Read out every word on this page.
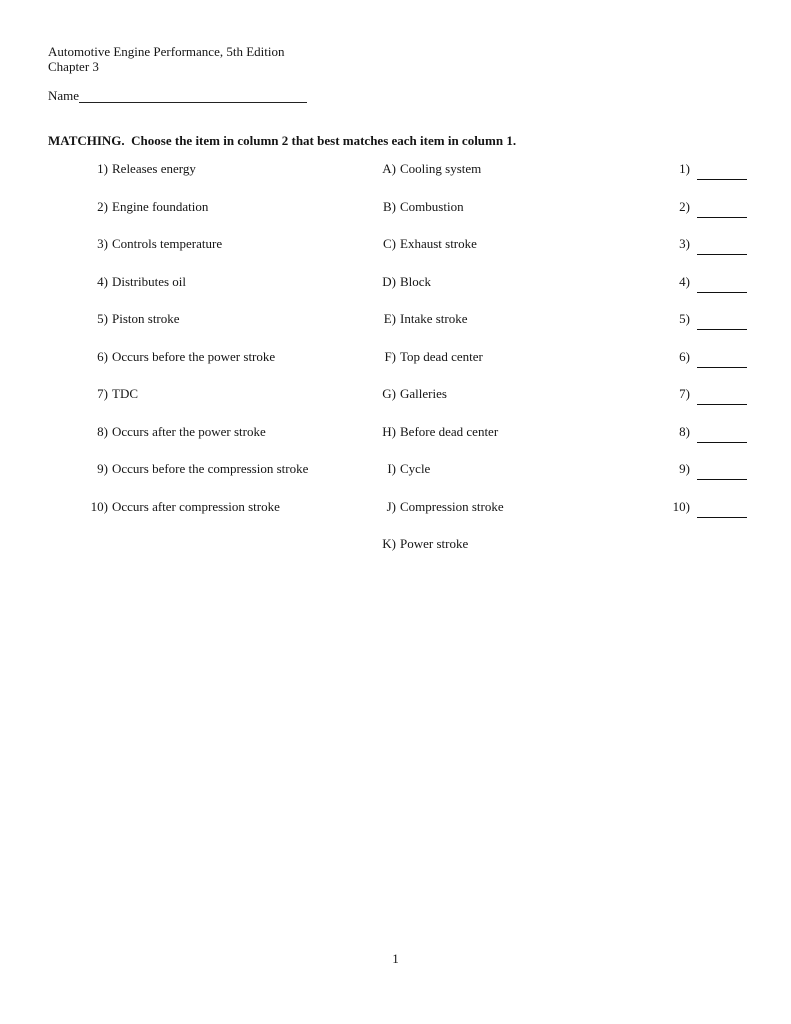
Automotive Engine Performance, 5th Edition
Chapter 3
Name
MATCHING.  Choose the item in column 2 that best matches each item in column 1.
1) Releases energy	A) Cooling system	1)
2) Engine foundation	B) Combustion	2)
3) Controls temperature	C) Exhaust stroke	3)
4) Distributes oil	D) Block	4)
5) Piston stroke	E) Intake stroke	5)
6) Occurs before the power stroke	F) Top dead center	6)
7) TDC	G) Galleries	7)
8) Occurs after the power stroke	H) Before dead center	8)
9) Occurs before the compression stroke	I) Cycle	9)
10) Occurs after compression stroke	J) Compression stroke	10)
K) Power stroke
1
